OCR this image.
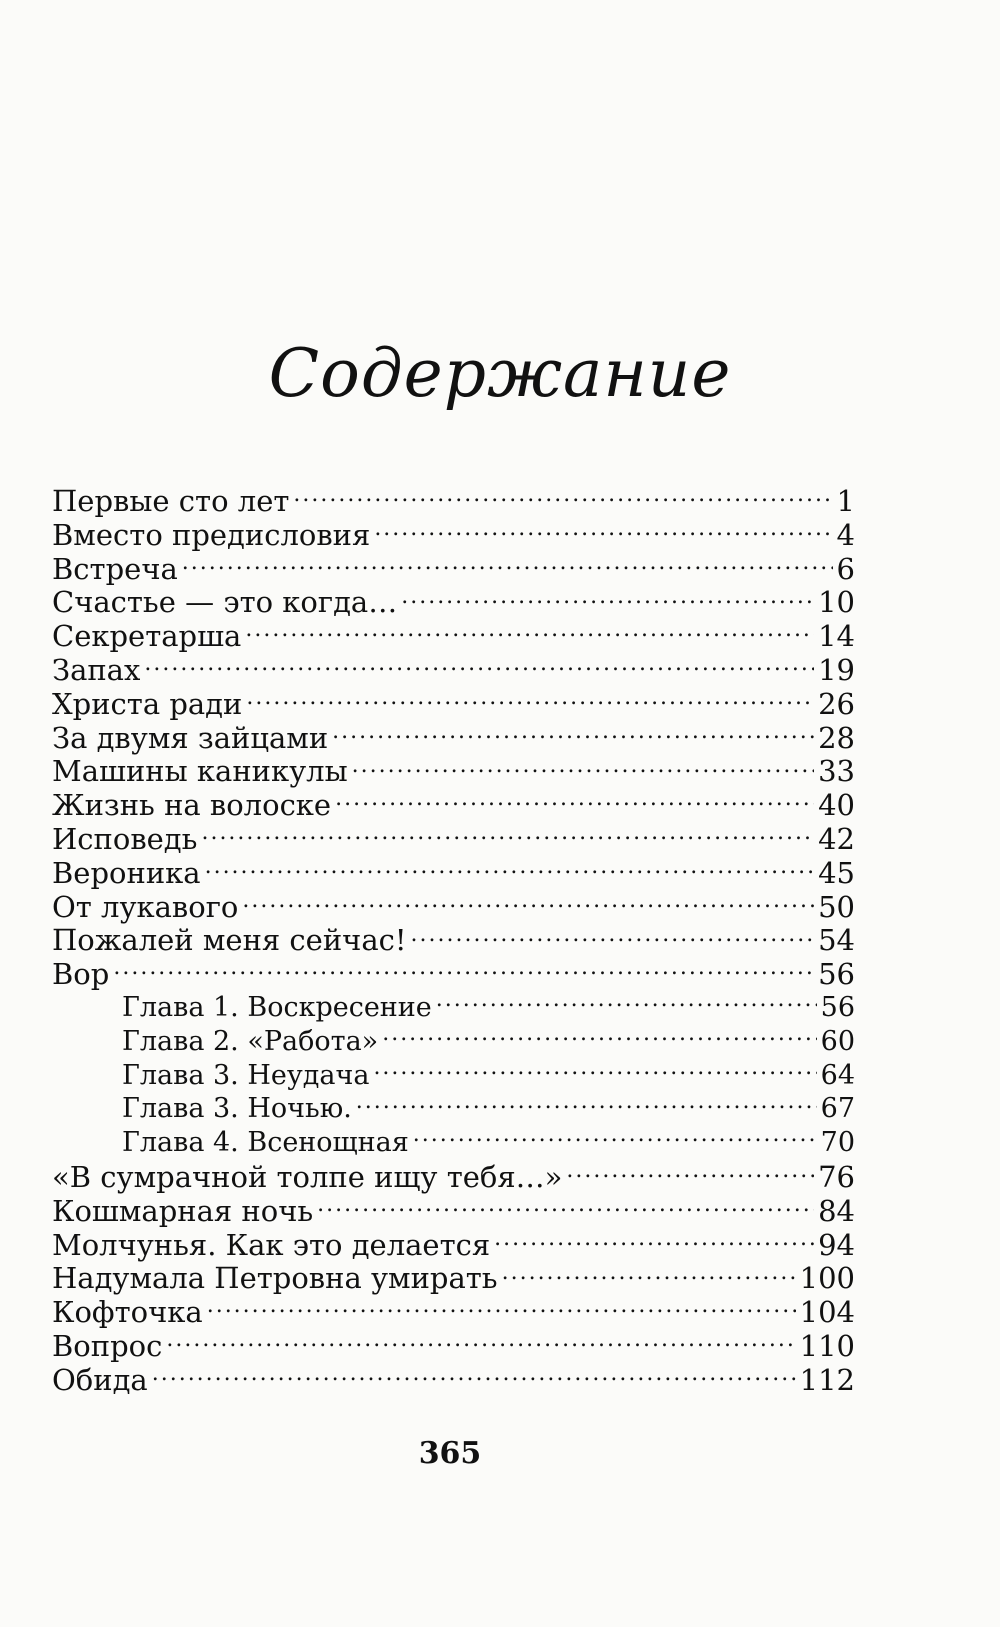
Содержание
Первые сто лет .....	1
Вместо предисловия .....	4
Встреча .....	6
Счастье — это когда… .....	10
Секретарша .....	14
Запах .....	19
Христа ради .....	26
За двумя зайцами .....	28
Машины каникулы .....	33
Жизнь на волоске .....	40
Исповедь .....	42
Вероника .....	45
От лукавого .....	50
Пожалей меня сейчас! .....	54
Вор .....	56
Глава 1. Воскресение .....	56
Глава 2. «Работа» .....	60
Глава 3. Неудача .....	64
Глава 3. Ночью. .....	67
Глава 4. Всенощная .....	70
«В сумрачной толпе ищу тебя…» .....	76
Кошмарная ночь .....	84
Молчунья. Как это делается .....	94
Надумала Петровна умирать .....	100
Кофточка .....	104
Вопрос .....	110
Обида .....	112
365
